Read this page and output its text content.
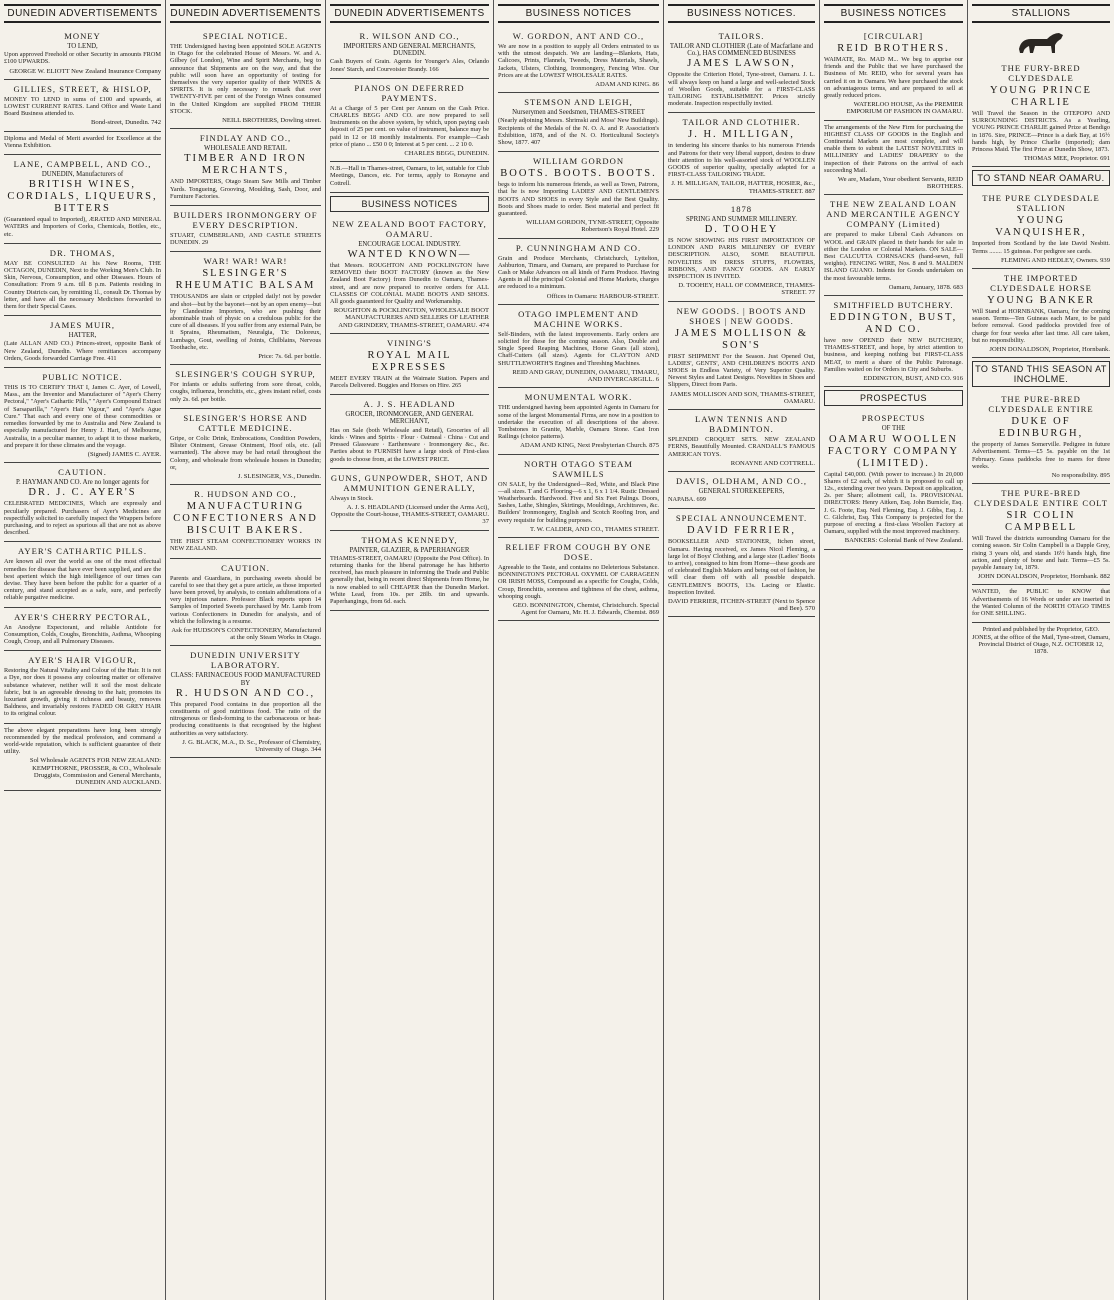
DUNEDIN ADVERTISEMENTS
MONEY
TO LEND,

Upon approved Freehold or other Security in amounts FROM £100 UPWARDS.

GEORGE W. ELIOTT New Zealand Insurance Company
GILLIES, STREET, & HISLOP,

MONEY TO LEND in sums of £100 and upwards, at LOWEST CURRENT RATES. Land Office and Waste Land Board Business attended to.

Bond-street, Dunedin. 742

Diploma and Medal of Merit awarded for Excellence at the Vienna Exhibition.

LANE, CAMPBELL, AND CO.,
DUNEDIN, Manufacturers of
BRITISH WINES, CORDIALS, LIQUEURS, BITTERS

(Guaranteed equal to Imported), ÆRATED AND MINERAL WATERS and Importers of Corks, Chemicals, Bottles, etc., etc.

DR. THOMAS,

MAY BE CONSULTED At his New Rooms, THE OCTAGON, DUNEDIN, Next to the Working Men's Club. In Skin, Nervous, Consumption, and other Diseases. Hours of Consultation: From 9 a.m. till 8 p.m. Patients residing in Country Districts can, by remitting 1l., consult Dr. Thomas by letter, and have all the necessary Medicines forwarded to them for their Special Cases.

JAMES MUIR,
HATTER,

(Late ALLAN AND CO.) Princes-street, opposite Bank of New Zealand, Dunedin. Where remittances accompany Orders, Goods forwarded Carriage Free. 411

PUBLIC NOTICE.

THIS IS TO CERTIFY THAT I, James C. Ayer, of Lowell, Mass., am the Inventor and Manufacturer of "Ayer's Cherry Pectoral," "Ayer's Cathartic Pills," "Ayer's Compound Extract of Sarsaparilla," "Ayer's Hair Vigour," and "Ayer's Ague Cure." That each and every one of these commodities or remedies forwarded by me to Australia and New Zealand is especially manufactured for Henry J. Hart, of Melbourne, Australia, in a peculiar manner, to adapt it to those markets, and prepare it for these climates and the voyage.

(Signed) JAMES C. AYER.
CAUTION.
P. HAYMAN AND CO. Are no longer agents for
DR. J. C. AYER'S

CELEBRATED MEDICINES, Which are expressly and peculiarly prepared. Purchasers of Ayer's Medicines are respectfully solicited to carefully inspect the Wrappers before purchasing, and to reject as spurious all that are not as above described.

AYER'S CATHARTIC PILLS.

Are known all over the world as one of the most effectual remedies for disease that have ever been supplied, and are the best aperient which the high intelligence of our times can devise. They have been before the public for a quarter of a century, and stand accepted as a safe, sure, and perfectly reliable purgative medicine.

AYER'S CHERRY PECTORAL,

An Anodyne Expectorant, and reliable Antidote for Consumption, Colds, Coughs, Bronchitis, Asthma, Whooping Cough, Croup, and all Pulmonary Diseases.

AYER'S HAIR VIGOUR,

Restoring the Natural Vitality and Colour of the Hair. It is not a Dye, nor does it possess any colouring matter or offensive substance whatever, neither will it soil the most delicate fabric, but is an agreeable dressing to the hair, promotes its luxuriant growth, giving it richness and beauty, removes Baldness, and invariably restores FADED OR GREY HAIR to its original colour.

The above elegant preparations have long been strongly recommended by the medical profession, and command a world-wide reputation, which is sufficient guarantee of their utility.

Sol Wholesale AGENTS FOR NEW ZEALAND: KEMPTHORNE, PROSSER, & CO., Wholesale Druggists, Commission and General Merchants, DUNEDIN AND AUCKLAND.
DUNEDIN ADVERTISEMENTS
SPECIAL NOTICE.

THE Undersigned having been appointed SOLE AGENTS in Otago for the celebrated House of Messrs. W. and A. Gilbey (of London), Wine and Spirit Merchants, beg to announce that Shipments are on the way, and that the public will soon have an opportunity of testing for themselves the very superior quality of their WINES & SPIRITS. It is only necessary to remark that over TWENTY-FIVE per cent of the Foreign Wines consumed in the United Kingdom are supplied FROM THEIR STOCK.

NEILL BROTHERS, Dowling street.
FINDLAY AND CO.,
WHOLESALE AND RETAIL
TIMBER AND IRON MERCHANTS,

AND IMPORTERS, Otago Steam Saw Mills and Timber Yards. Tongueing, Grooving, Moulding, Sash, Door, and Furniture Factories.

BUILDERS IRONMONGERY OF EVERY DESCRIPTION.

STUART, CUMBERLAND, AND CASTLE STREETS DUNEDIN. 29

WAR! WAR! WAR!
SLESINGER'S RHEUMATIC BALSAM

THOUSANDS are slain or crippled daily! not by powder and shot—but by the bayonet—not by an open enemy—but by Clandestine Importers, who are pushing their abominable trash of physic on a credulous public for the cure of all diseases. If you suffer from any external Pain, be it Sprains, Rheumatism, Neuralgia, Tic Doloreux, Lumbago, Gout, swelling of Joints, Chilblains, Nervous Toothache, etc.

Price: 7s. 6d. per bottle.
SLESINGER'S COUGH SYRUP,

For infants or adults suffering from sore throat, colds, coughs, influenza, bronchitis, etc., gives instant relief, costs only 2s. 6d. per bottle.

SLESINGER'S HORSE AND CATTLE MEDICINE.

Gripe, or Colic Drink, Embrocations, Condition Powders, Blister Ointment, Grease Ointment, Hoof oils, etc. (all warranted). The above may be had retail throughout the Colony, and wholesale from wholesale houses in Dunedin; or,

J. SLESINGER, V.S., Dunedin.
R. HUDSON AND CO.,
MANUFACTURING CONFECTIONERS AND BISCUIT BAKERS.

THE FIRST STEAM CONFECTIONERY WORKS IN NEW ZEALAND.

CAUTION.

Parents and Guardians, in purchasing sweets should be careful to see that they get a pure article, as those imported have been proved, by analysis, to contain adulterations of a very injurious nature. Professor Black reports upon 14 Samples of Imported Sweets purchased by Mr. Lamb from various Confectioners in Dunedin for analysis, and of which the following is a resume.

Ask for HUDSON'S CONFECTIONERY, Manufactured at the only Steam Works in Otago.
DUNEDIN UNIVERSITY LABORATORY.
CLASS: FARINACEOUS FOOD MANUFACTURED BY
R. HUDSON AND CO.,

This prepared Food contains in due proportion all the constituents of good nutritious food. The ratio of the nitrogenous or flesh-forming to the carbonaceous or heat-producing constituents is that recognised by the highest authorities as very satisfactory.

J. G. BLACK, M.A., D. Sc., Professor of Chemistry, University of Otago. 344
DUNEDIN ADVERTISEMENTS
R. WILSON AND CO.,
IMPORTERS AND GENERAL MERCHANTS, DUNEDIN.

Cash Buyers of Grain. Agents for Younger's Ales, Orlando Jones' Starch, and Courvoisier Brandy. 166

PIANOS ON DEFERRED PAYMENTS.

At a Charge of 5 per Cent per Annum on the Cash Price. CHARLES BEGG AND CO. are now prepared to sell Instruments on the above system, by which, upon paying cash deposit of 25 per cent. on value of instrument, balance may be paid in 12 or 18 monthly instalments. For example—Cash price of piano ... £50 0 0; Interest at 5 per cent. ... 2 10 0.

CHARLES BEGG, DUNEDIN.

N.B.—Hall in Thames-street, Oamaru, to let, suitable for Club Meetings, Dances, etc. For terms, apply to Ronayne and Cottrell.

BUSINESS NOTICES
NEW ZEALAND BOOT FACTORY, OAMARU.
ENCOURAGE LOCAL INDUSTRY.
WANTED KNOWN—

that Messrs. ROUGHTON AND POCKLINGTON have REMOVED their BOOT FACTORY (known as the New Zealand Boot Factory) from Dunedin to Oamaru, Thames-street, and are now prepared to receive orders for ALL CLASSES OF COLONIAL MADE BOOTS AND SHOES. All goods guaranteed for Quality and Workmanship.

ROUGHTON & POCKLINGTON, WHOLESALE BOOT MANUFACTURERS AND SELLERS OF LEATHER AND GRINDERY, THAMES-STREET, OAMARU. 474
VINING'S
ROYAL MAIL EXPRESSES

MEET EVERY TRAIN at the Waimate Station. Papers and Parcels Delivered. Buggies and Horses on Hire. 265

A. J. S. HEADLAND
GROCER, IRONMONGER, AND GENERAL MERCHANT,

Has on Sale (both Wholesale and Retail), Groceries of all kinds · Wines and Spirits · Flour · Oatmeal · China · Cut and Pressed Glassware · Earthenware · Ironmongery &c., &c. Parties about to FURNISH have a large stock of First-class goods to choose from, at the LOWEST PRICE.

GUNS, GUNPOWDER, SHOT, AND AMMUNITION GENERALLY,

Always in Stock.

A. J. S. HEADLAND (Licensed under the Arms Act), Opposite the Court-house, THAMES-STREET, OAMARU. 37
THOMAS KENNEDY,
PAINTER, GLAZIER, & PAPERHANGER

THAMES-STREET, OAMARU (Opposite the Post Office). In returning thanks for the liberal patronage he has hitherto received, has much pleasure in informing the Trade and Public generally that, being in recent direct Shipments from Home, he is now enabled to sell CHEAPER than the Dunedin Market. White Lead, from 10s. per 28lb. tin and upwards. Paperhangings, from 6d. each.

BUSINESS NOTICES
W. GORDON, ANT AND CO.,

We are now in a position to supply all Orders entrusted to us with the utmost despatch. We are landing—Blankets, Hats, Calicoes, Prints, Flannels, Tweeds, Dress Materials, Shawls, Jackets, Ulsters, Clothing, Ironmongery, Fencing Wire. Our Prices are at the LOWEST WHOLESALE RATES.

ADAM AND KING. 86
STEMSON AND LEIGH,
Nurserymen and Seedsmen, THAMES-STREET

(Nearly adjoining Messrs. Shrimski and Moss' New Buildings). Recipients of the Medals of the N. O. A. and P. Association's Exhibition, 1878, and of the N. O. Horticultural Society's Show, 1877. 407

WILLIAM GORDON
BOOTS. BOOTS. BOOTS.

begs to inform his numerous friends, as well as Town, Patrons, that he is now Importing LADIES' AND GENTLEMEN'S BOOTS AND SHOES in every Style and the Best Quality. Boots and Shoes made to order. Best material and perfect fit guaranteed.

WILLIAM GORDON, TYNE-STREET, Opposite Robertson's Royal Hotel. 229
P. CUNNINGHAM AND CO.

Grain and Produce Merchants, Christchurch, Lyttelton, Ashburton, Timaru, and Oamaru, are prepared to Purchase for Cash or Make Advances on all kinds of Farm Produce. Having Agents in all the principal Colonial and Home Markets, charges are reduced to a minimum.

Offices in Oamaru: HARBOUR-STREET.
OTAGO IMPLEMENT AND MACHINE WORKS.

Self-Binders, with the latest improvements. Early orders are solicited for these for the coming season. Also, Double and Single Speed Reaping Machines, Horse Gears (all sizes), Chaff-Cutters (all sizes). Agents for CLAYTON AND SHUTTLEWORTH'S Engines and Threshing Machines.

REID AND GRAY, DUNEDIN, OAMARU, TIMARU, AND INVERCARGILL. 6
MONUMENTAL WORK.

THE undersigned having been appointed Agents in Oamaru for some of the largest Monumental Firms, are now in a position to undertake the execution of all descriptions of the above. Tombstones in Granite, Marble, Oamaru Stone. Cast Iron Railings (choice patterns).

ADAM AND KING, Next Presbyterian Church. 875
NORTH OTAGO STEAM SAWMILLS

ON SALE, by the Undersigned—Red, White, and Black Pine—all sizes. T and G Flooring—6 x 1, 6 x 1 1/4. Rustic Dressed Weatherboards. Hardwood. Five and Six Feet Palings. Doors, Sashes, Lathe, Shingles, Skirtings, Mouldings, Architraves, &c. Builders' Ironmongery, English and Scotch Roofing Iron, and every requisite for building purposes.

T. W. CALDER, AND CO., THAMES STREET.
RELIEF FROM COUGH BY ONE DOSE.

Agreeable to the Taste, and contains no Deleterious Substance. BONNINGTON'S PECTORAL OXYMEL OF CARRAGEEN OR IRISH MOSS, Compound as a specific for Coughs, Colds, Croup, Bronchitis, soreness and tightness of the chest, asthma, whooping cough.

GEO. BONNINGTON, Chemist, Christchurch. Special Agent for Oamaru, Mr. H. J. Edwards, Chemist. 869
BUSINESS NOTICES.
TAILORS.
TAILOR AND CLOTHIER (Late of Macfarlane and Co.), HAS COMMENCED BUSINESS
JAMES LAWSON,

Opposite the Criterion Hotel, Tyne-street, Oamaru. J. L. will always keep on hand a large and well-selected Stock of Woollen Goods, suitable for a FIRST-CLASS TAILORING ESTABLISHMENT. Prices strictly moderate. Inspection respectfully invited.

TAILOR AND CLOTHIER.
J. H. MILLIGAN,

in tendering his sincere thanks to his numerous Friends and Patrons for their very liberal support, desires to draw their attention to his well-assorted stock of WOOLLEN GOODS of superior quality, specially adapted for a FIRST-CLASS TAILORING TRADE.

J. H. MILLIGAN, TAILOR, HATTER, HOSIER, &c., THAMES-STREET. 887
1878
SPRING AND SUMMER MILLINERY.
D. TOOHEY

IS NOW SHOWING HIS FIRST IMPORTATION OF LONDON AND PARIS MILLINERY OF EVERY DESCRIPTION. ALSO, SOME BEAUTIFUL NOVELTIES IN DRESS STUFFS, FLOWERS, RIBBONS, AND FANCY GOODS. AN EARLY INSPECTION IS INVITED.

D. TOOHEY, HALL OF COMMERCE, THAMES-STREET. 77
NEW GOODS. | BOOTS AND SHOES | NEW GOODS.
JAMES MOLLISON & SON'S

FIRST SHIPMENT For the Season. Just Opened Out, LADIES', GENTS', AND CHILDREN'S BOOTS AND SHOES in Endless Variety, of Very Superior Quality. Newest Styles and Latest Designs. Novelties in Shoes and Slippers, Direct from Paris.

JAMES MOLLISON AND SON, THAMES-STREET, OAMARU.
LAWN TENNIS AND BADMINTON.

SPLENDID CROQUET SETS. NEW ZEALAND FERNS, Beautifully Mounted. CRANDALL'S FAMOUS AMERICAN TOYS.

RONAYNE AND COTTRELL.
DAVIS, OLDHAM, AND CO.,
GENERAL STOREKEEPERS,

NAPABA. 699

SPECIAL ANNOUNCEMENT.
DAVID FERRIER,

BOOKSELLER AND STATIONER, Itchen street, Oamaru. Having received, ex James Nicol Fleming, a large lot of Boys' Clothing, and a large size (Ladies' Boots to arrive), consigned to him from Home—these goods are of celebrated English Makers and being out of fashion, he will clear them off with all possible despatch. GENTLEMEN'S BOOTS, 13s. Lacing or Elastic. Inspection Invited.

DAVID FERRIER, ITCHEN-STREET (Next to Spence and Bee). 570
BUSINESS NOTICES
[CIRCULAR]
REID BROTHERS.

WAIMATE, Ro. MAD M... We beg to apprise our friends and the Public that we have purchased the Business of Mr. REID, who for several years has carried it on in Oamaru. We have purchased the stock on advantageous terms, and are prepared to sell at greatly reduced prices.

WATERLOO HOUSE, As the PREMIER EMPORIUM OF FASHION IN OAMARU.

The arrangements of the New Firm for purchasing the HIGHEST CLASS OF GOODS in the English and Continental Markets are most complete, and will enable them to submit the LATEST NOVELTIES in MILLINERY and LADIES' DRAPERY to the inspection of their Patrons on the arrival of each succeeding Mail.

We are, Madam, Your obedient Servants, REID BROTHERS.
THE NEW ZEALAND LOAN AND MERCANTILE AGENCY COMPANY (Limited)

are prepared to make Liberal Cash Advances on WOOL and GRAIN placed in their hands for sale in either the London or Colonial Markets. ON SALE— Best CALCUTTA CORNSACKS (hand-sewn, full weights). FENCING WIRE, Nos. 8 and 9. MALDEN ISLAND GUANO. Indents for Goods undertaken on the most favourable terms.

Oamaru, January, 1878. 683
SMITHFIELD BUTCHERY.
EDDINGTON, BUST, AND CO.

have now OPENED their NEW BUTCHERY, THAMES-STREET, and hope, by strict attention to business, and keeping nothing but FIRST-CLASS MEAT, to merit a share of the Public Patronage. Families waited on for Orders in City and Suburbs.

EDDINGTON, BUST, AND CO. 916
PROSPECTUS
PROSPECTUS
OF THE
OAMARU WOOLLEN FACTORY COMPANY (LIMITED).

Capital £40,000. (With power to increase.) In 20,000 Shares of £2 each, of which it is proposed to call up 12s., extending over two years. Deposit on application, 2s. per Share; allotment call, 1s. PROVISIONAL DIRECTORS: Henry Aitken, Esq. John Burnicle, Esq. J. G. Foote, Esq. Neil Fleming, Esq. J. Gibbs, Esq. J. C. Gilchrist, Esq. This Company is projected for the purpose of erecting a first-class Woollen Factory at Oamaru, supplied with the most improved machinery.

BANKERS: Colonial Bank of New Zealand.
STALLIONS
THE FURY-BRED CLYDESDALE
YOUNG PRINCE CHARLIE

Will Travel the Season in the OTEPOPO AND SURROUNDING DISTRICTS. As a Yearling, YOUNG PRINCE CHARLIE gained Prize at Bendigo in 1876. Sire, PRINCE—Prince is a dark Bay, at 16½ hands high, by Prince Charlie (imported); dam Princess Maid. The first Prize at Dunedin Show, 1873.

THOMAS MEE, Proprietor. 691
TO STAND NEAR OAMARU.
THE PURE CLYDESDALE STALLION
YOUNG VANQUISHER,

Imported from Scotland by the late David Nesbitt. Terms ........ 15 guineas. For pedigree see cards.

FLEMING AND HEDLEY, Owners. 939
THE IMPORTED CLYDESDALE HORSE
YOUNG BANKER

Will Stand at HORNBANK, Oamaru, for the coming season. Terms—Ten Guineas each Mare, to be paid before removal. Good paddocks provided free of charge for four weeks after last time. All care taken, but no responsibility.

JOHN DONALDSON, Proprietor, Hornbank.
TO STAND THIS SEASON AT INCHOLME.
THE PURE-BRED CLYDESDALE ENTIRE
DUKE OF EDINBURGH,

the property of James Somerville. Pedigree in future Advertisement. Terms—£5 5s. payable on the 1st February. Grass paddocks free to mares for three weeks.

No responsibility. 895
THE PURE-BRED CLYDESDALE ENTIRE COLT
SIR COLIN CAMPBELL

Will Travel the districts surrounding Oamaru for the coming season. Sir Colin Campbell is a Dapple Grey, rising 3 years old, and stands 16½ hands high, fine action, and plenty of bone and hair. Terms—£5 5s. payable January 1st, 1879.

JOHN DONALDSON, Proprietor, Hornbank. 882

WANTED, the PUBLIC to KNOW that Advertisements of 16 Words or under are inserted in the Wanted Column of the NORTH OTAGO TIMES for ONE SHILLING.

Printed and published by the Proprietor, GEO. JONES, at the office of the Mail, Tyne-street, Oamaru, Provincial District of Otago, N.Z. OCTOBER 12, 1878.
